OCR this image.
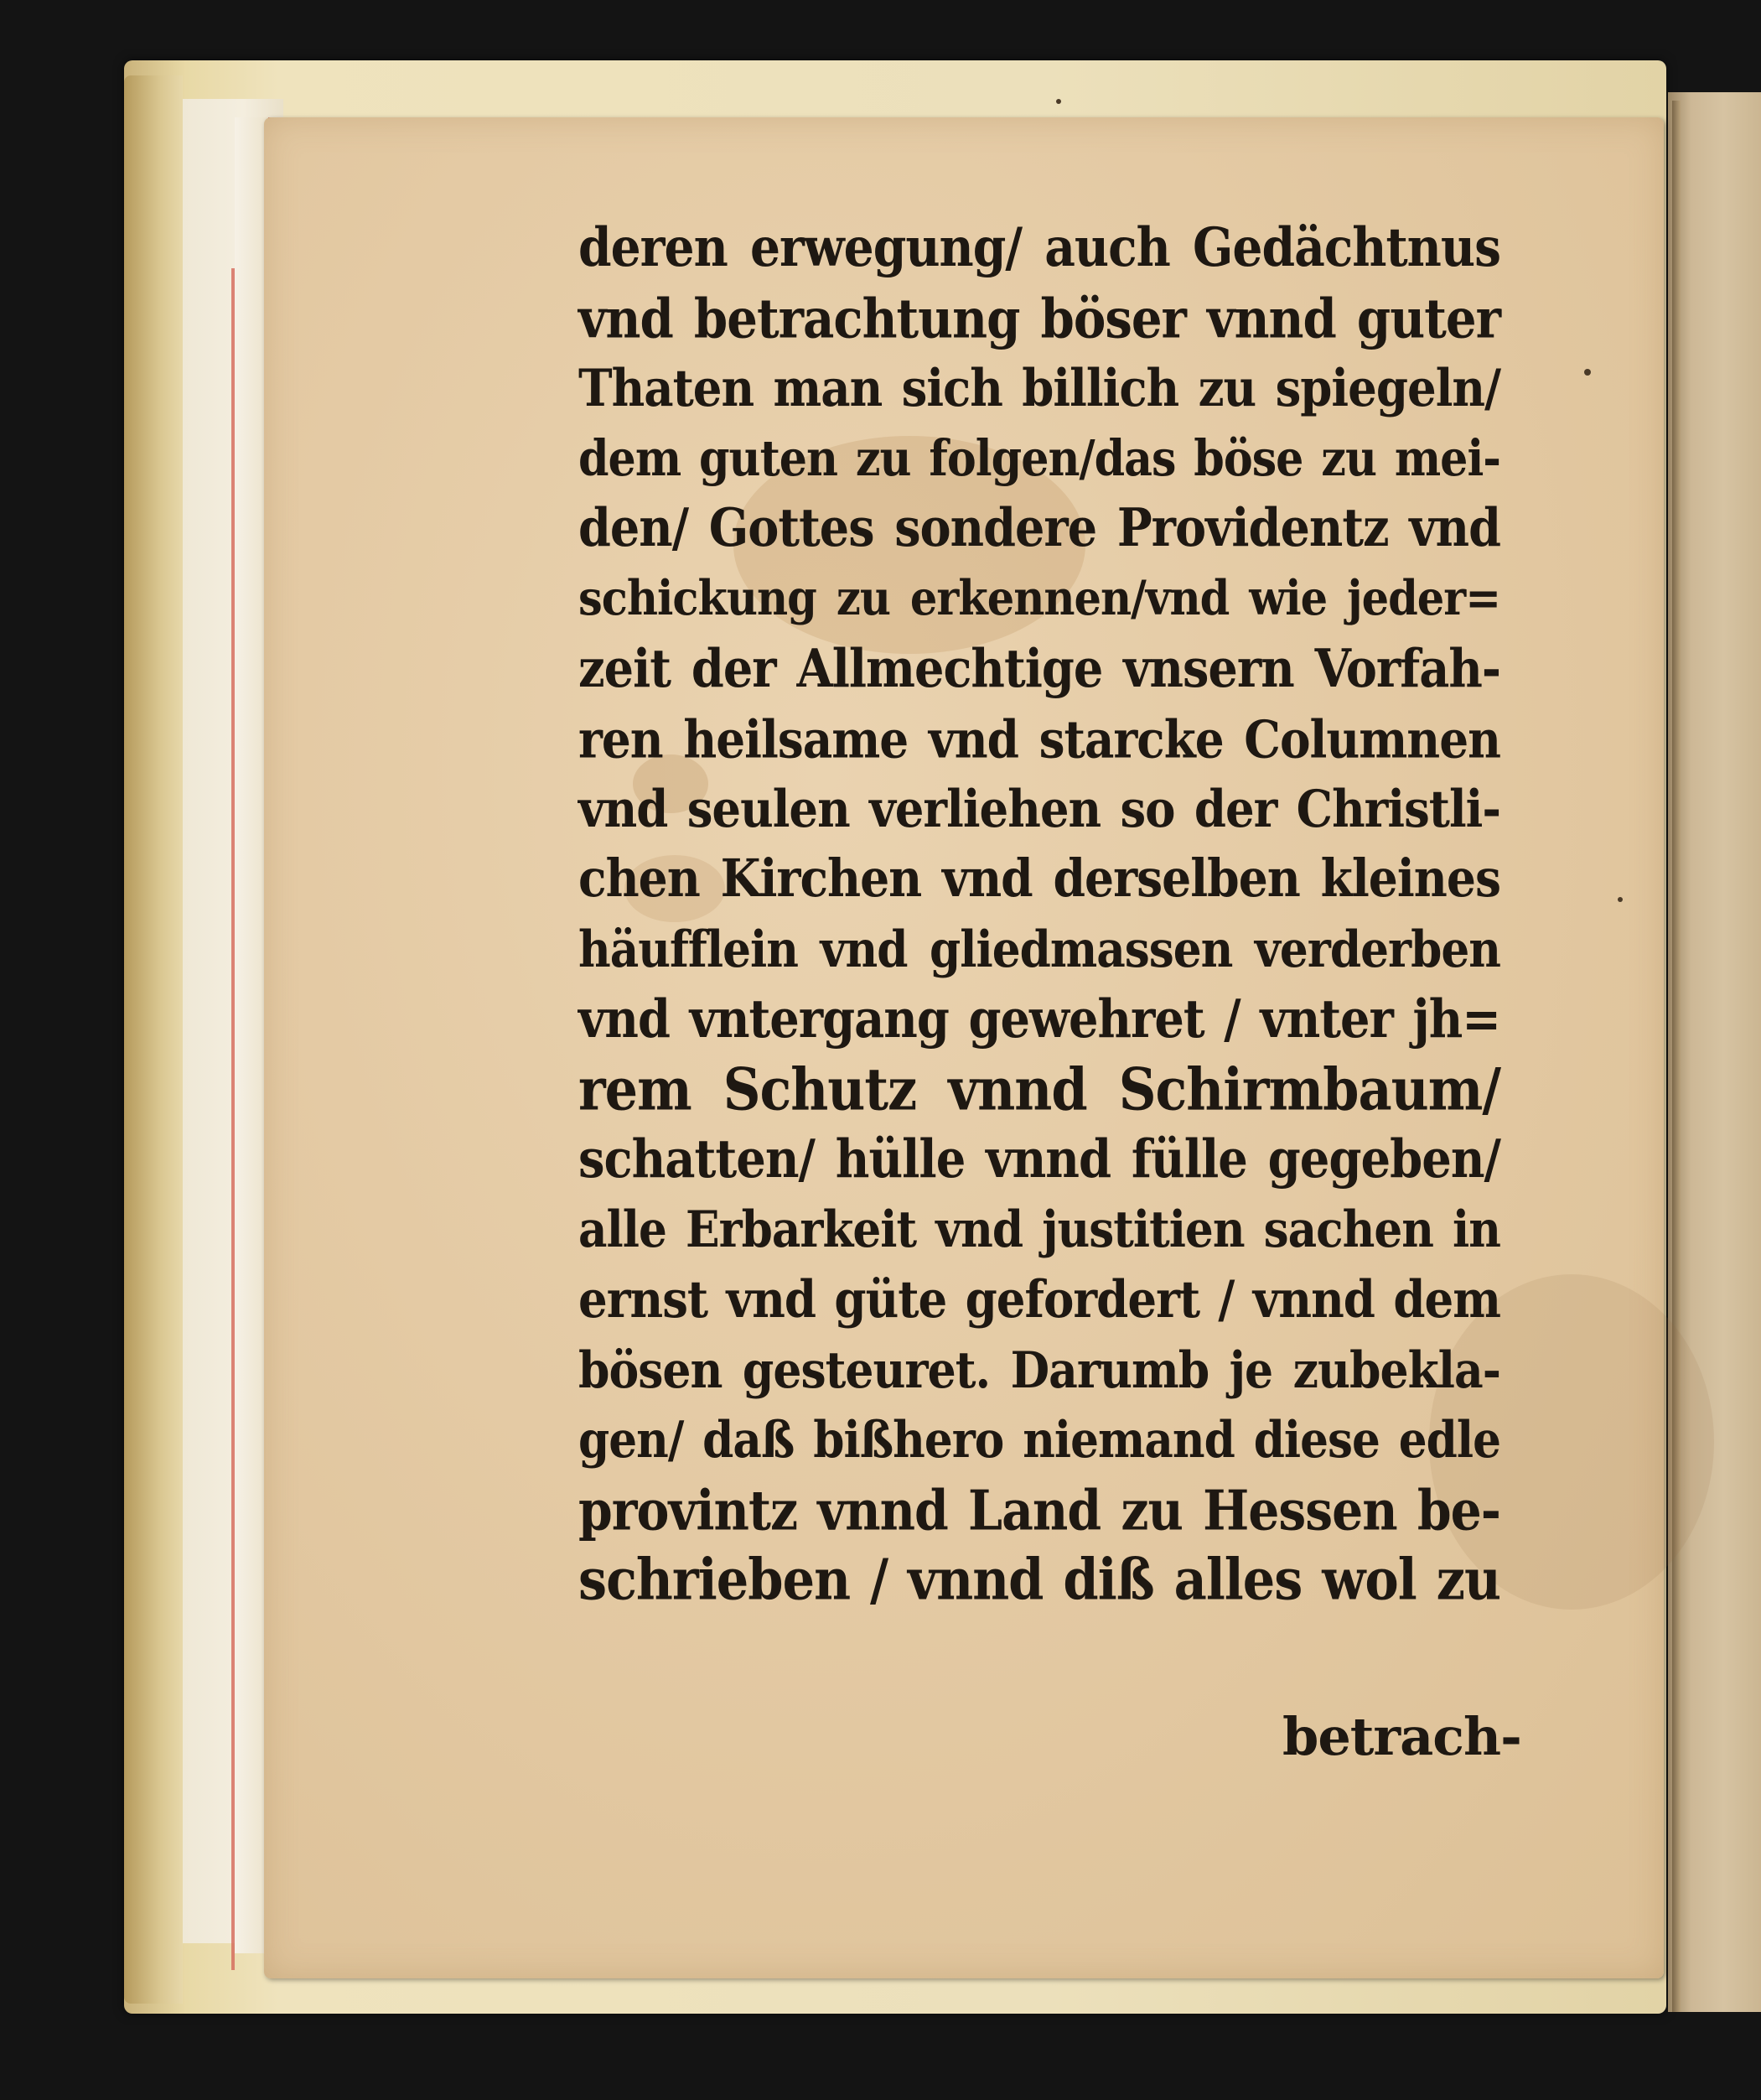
deren erwegung/ auch Gedächtnus
vnd betrachtung böser vnnd guter
Thaten man sich billich zu spiegeln/
dem guten zu folgen/das böse zu mei-
den/ Gottes sondere Providentz vnd
schickung zu erkennen/vnd wie jeder=
zeit der Allmechtige vnsern Vorfah-
ren heilsame vnd starcke Columnen
vnd seulen verliehen so der Christli-
chen Kirchen vnd derselben kleines
häufflein vnd gliedmassen verderben
vnd vntergang gewehret / vnter jh=
rem Schutz vnnd Schirmbaum/
schatten/ hülle vnnd fülle gegeben/
alle Erbarkeit vnd justitien sachen in
ernst vnd güte gefordert / vnnd dem
bösen gesteuret. Darumb je zubekla-
gen/ daß bißhero niemand diese edle
provintz vnnd Land zu Hessen be-
schrieben / vnnd diß alles wol zu
betrach-
